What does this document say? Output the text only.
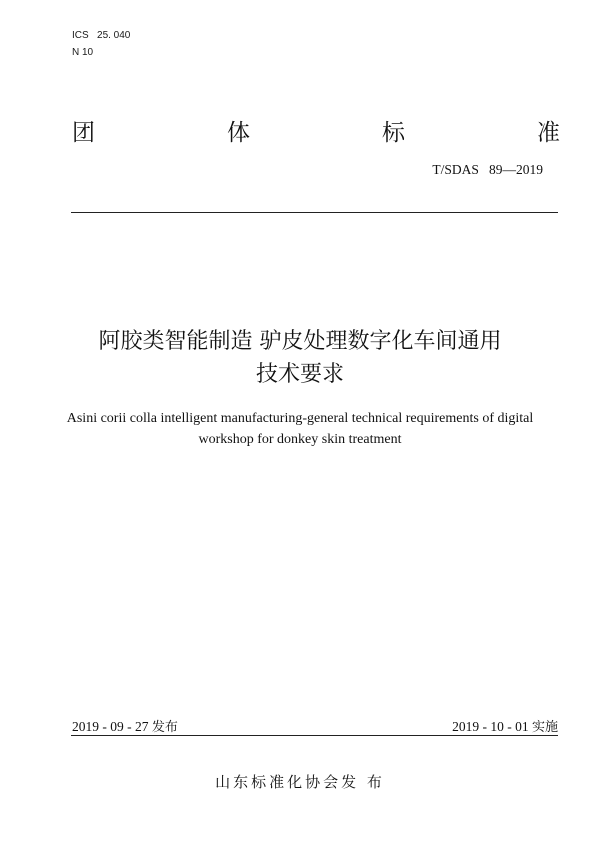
ICS   25. 040
N 10
团	体	标	准
T/SDAS   89—2019
阿胶类智能制造 驴皮处理数字化车间通用
技术要求
Asini corii colla intelligent manufacturing-general technical requirements of digital
workshop for donkey skin treatment
2019 - 09 - 27 发布	2019 - 10 - 01 实施
山东标准化协会发 布
